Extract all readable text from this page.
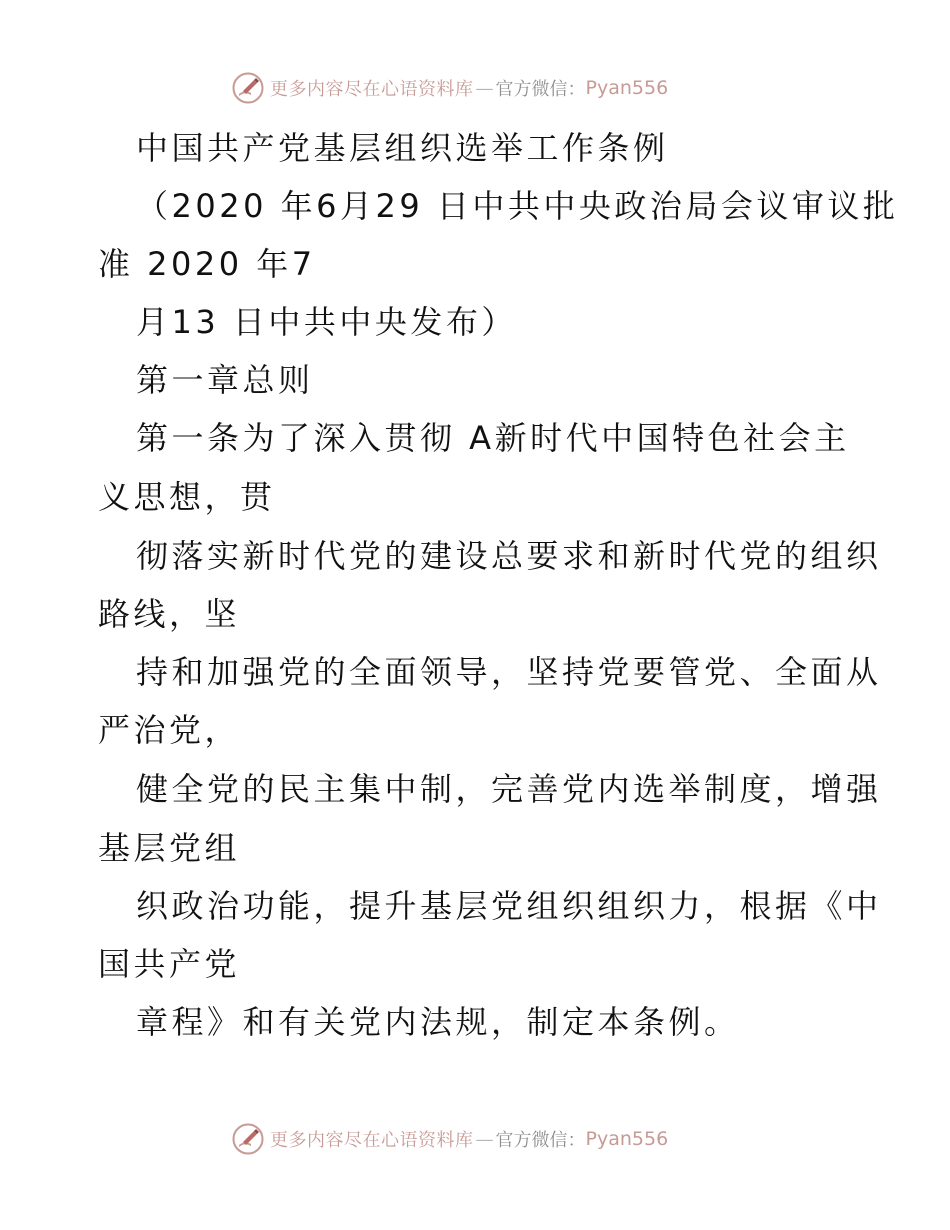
更多内容尽在心语资料库 — 官方微信： Pyan556
中国共产党基层组织选举工作条例
（2020 年6月29 日中共中央政治局会议审议批
准 2020 年7
月13 日中共中央发布）
第一章总则
第一条为了深入贯彻 A新时代中国特色社会主
义思想，贯
彻落实新时代党的建设总要求和新时代党的组织
路线，坚
持和加强党的全面领导，坚持党要管党、全面从
严治党，
健全党的民主集中制，完善党内选举制度，增强
基层党组
织政治功能，提升基层党组织组织力，根据《中
国共产党
章程》和有关党内法规，制定本条例。
更多内容尽在心语资料库 — 官方微信： Pyan556
